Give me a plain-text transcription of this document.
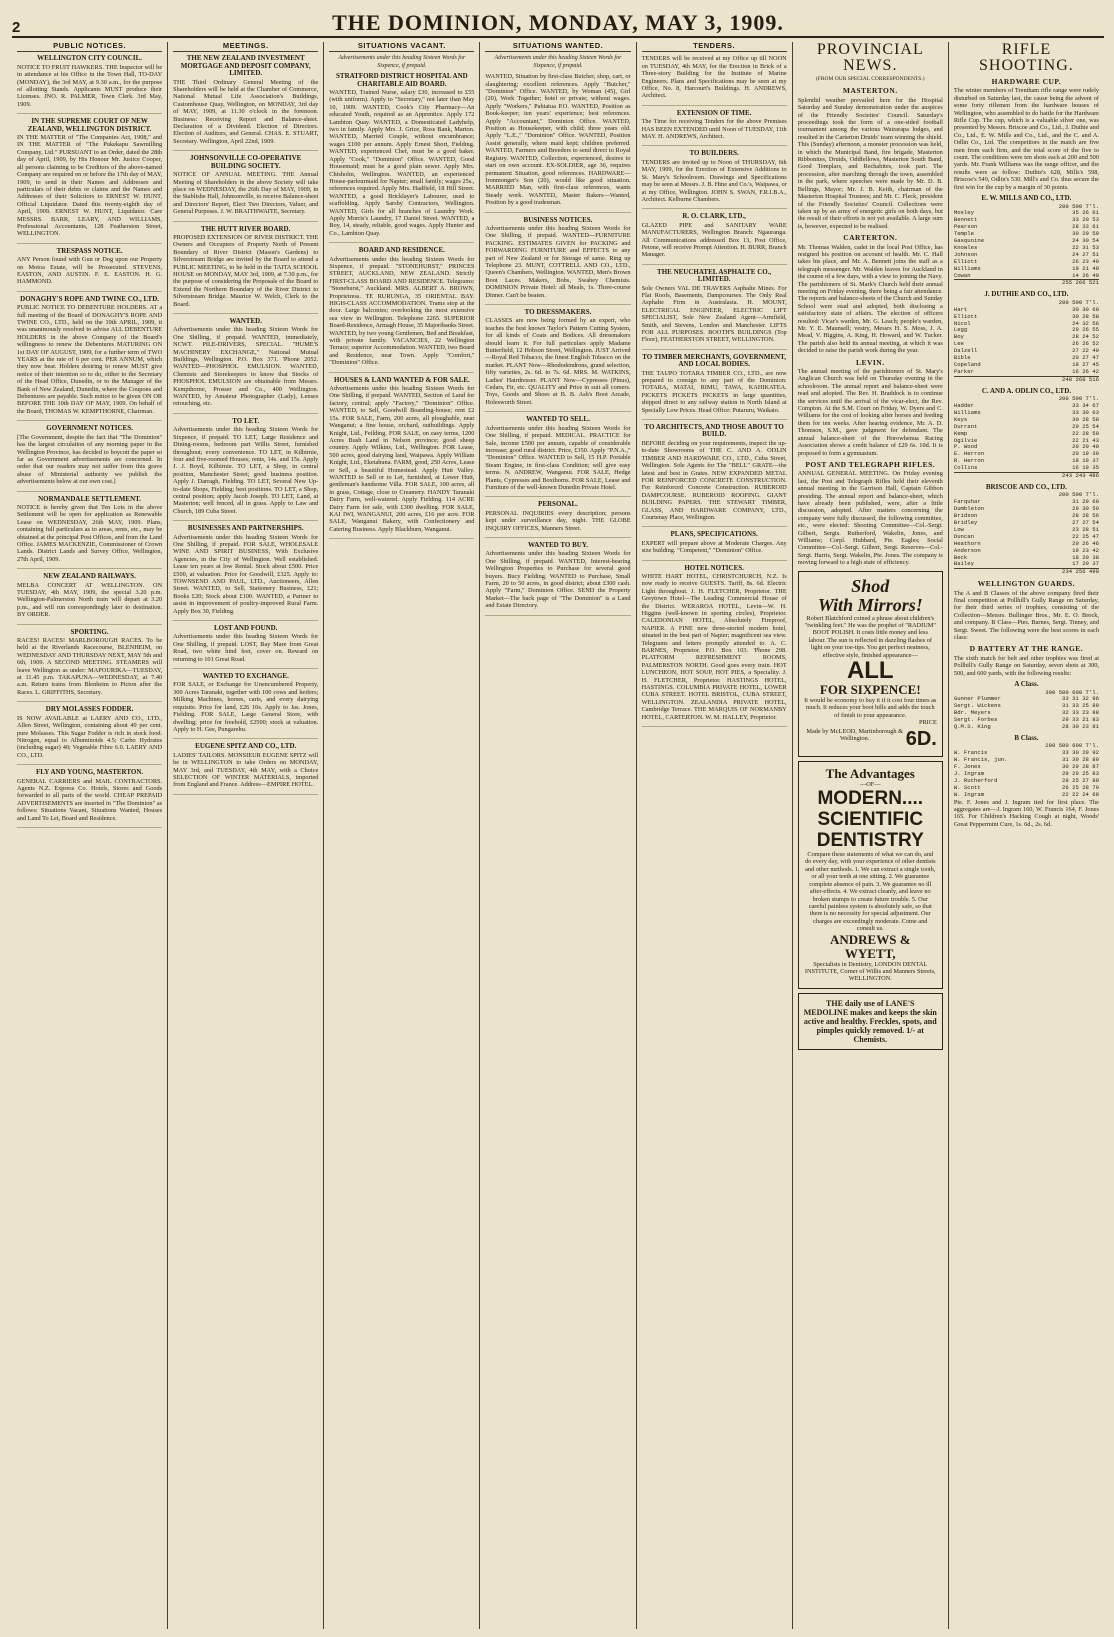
2	THE DOMINION, MONDAY, MAY 3, 1909.
PUBLIC NOTICES.
WELLINGTON CITY COUNCIL.

NOTICE TO FRUIT HAWKERS. THE Inspector will be in attendance at his Office in the Town Hall, TO-DAY (MONDAY), the 3rd MAY, at 9.30 a.m., for the purpose of allotting Stands. Applicants MUST produce their Licenses. JNO. R. PALMER, Town Clerk. 3rd May, 1909.

IN THE SUPREME COURT OF NEW ZEALAND, WELLINGTON DISTRICT.

IN THE MATTER of "The Companies Act, 1908," and IN THE MATTER of "The Pukekapu Sawmilling Company, Ltd." PURSUANT to an Order, dated the 28th day of April, 1909, by His Honour Mr. Justice Cooper, all persons claiming to be Creditors of the above-named Company are required on or before the 17th day of MAY, 1909, to send in their Names and Addresses and particulars of their debts or claims and the Names and Addresses of their Solicitors to ERNEST W. HUNT, Official Liquidator. Dated this twenty-eighth day of April, 1909. ERNEST W. HUNT, Liquidator. Care MESSRS. BARR, LEARY, AND WILLIAMS, Professional Accountants, 128 Featherston Street, WELLINGTON.

TRESPASS NOTICE.

ANY Person found with Gun or Dog upon our Property on Motoa Estate, will be Prosecuted. STEVENS, EASTON, AND AUSTIN. F. E. EASTON. H. G. HAMMOND.

DONAGHY'S ROPE AND TWINE CO., LTD.

PUBLIC NOTICE TO DEBENTURE HOLDERS. AT a full meeting of the Board of DONAGHY'S ROPE AND TWINE CO., LTD., held on the 19th APRIL, 1909, it was unanimously resolved to advise ALL DEBENTURE HOLDERS in the above Company of the Board's willingness to renew the Debentures MATURING ON 1st DAY OF AUGUST, 1909, for a further term of TWO YEARS at the rate of 6 per cent. PER ANNUM, which they now bear. Holders desiring to renew MUST give notice of their intention so to do, either to the Secretary of the Head Office, Dunedin, or to the Manager of the Bank of New Zealand, Dunedin, where the Coupons and Debentures are payable. Such notice to be given ON OR BEFORE THE 10th DAY OF MAY, 1909. On behalf of the Board, THOMAS W. KEMPTHORNE, Chairman.

GOVERNMENT NOTICES.

[The Government, despite the fact that "The Dominion" has the largest circulation of any morning paper in the Wellington Province, has decided to boycott the paper so far as Government advertisements are concerned. In order that our readers may not suffer from this grave abuse of Ministerial authority we publish the advertisements below at our own cost.]

NORMANDALE SETTLEMENT.

NOTICE is hereby given that Ten Lots in the above Settlement will be open for application as Renewable Lease on WEDNESDAY, 26th MAY, 1909. Plans, containing full particulars as to areas, rents, etc., may be obtained at the principal Post Offices, and from the Land Office. JAMES MACKENZIE, Commissioner of Crown Lands. District Lands and Survey Office, Wellington, 27th April, 1909.

NEW ZEALAND RAILWAYS.

MELBA CONCERT AT WELLINGTON. ON TUESDAY, 4th MAY, 1909, the special 3.20 p.m. Wellington-Palmerston North train will depart at 3.20 p.m., and will run correspondingly later to destination. BY ORDER.

SPORTING.

RACES! RACES! MARLBOROUGH RACES. To be held at the Riverlands Racecourse, BLENHEIM, on WEDNESDAY AND THURSDAY NEXT, MAY 5th and 6th, 1909. A SECOND MEETING. STEAMERS will leave Wellington as under: MAPOURIKA—TUESDAY, at 11.45 p.m. TAKAPUNA—WEDNESDAY, at 7.40 a.m. Return trains from Blenheim to Picton after the Races. L. GRIFFITHS, Secretary.

DRY MOLASSES FODDER.

IS NOW AVAILABLE at LAERY AND CO., LTD., Allen Street, Wellington, containing about 49 per cent. pure Molasses. This Sugar Fodder is rich in stock food. Nitrogen, equal to Albuminoids 4.5; Carbo Hydrates (including sugar) 40; Vegetable Fibre 6.0. LAERY AND CO., LTD.

FLY AND YOUNG, MASTERTON.

GENERAL CARRIERS and MAIL CONTRACTORS. Agents N.Z. Express Co. Hotels, Stores and Goods forwarded to all parts of the world. CHEAP PREPAID ADVERTISEMENTS are inserted in "The Dominion" as follows: Situations Vacant, Situations Wanted, Houses and Land To Let, Board and Residence.

MEETINGS.
THE NEW ZEALAND INVESTMENT MORTGAGE AND DEPOSIT COMPANY, LIMITED.

THE Third Ordinary General Meeting of the Shareholders will be held at the Chamber of Commerce, National Mutual Life Association's Buildings, Customhouse Quay, Wellington, on MONDAY, 3rd day of MAY, 1909, at 11.30 o'clock in the forenoon. Business: Receiving Report and Balance-sheet. Declaration of a Dividend. Election of Directors. Election of Auditors, and General. CHAS. E. STUART, Secretary. Wellington, April 22nd, 1909.

JOHNSONVILLE CO-OPERATIVE BUILDING SOCIETY.

NOTICE OF ANNUAL MEETING. THE Annual Meeting of Shareholders in the above Society will take place on WEDNESDAY, the 26th Day of MAY, 1909, in the Stablishe Hall, Johnsonville, to receive Balance-sheet and Directors' Report, Elect Two Directors, Valuer, and General Purposes. J. W. BRAITHWAITE, Secretary.

THE HUTT RIVER BOARD.

PROPOSED EXTENSION OF RIVER DISTRICT. THE Owners and Occupiers of Property North of Present Boundary of River District (Mason's Gardens) to Silverstream Bridge are invited by the Board to attend a PUBLIC MEETING, to be held in the TAITA SCHOOL HOUSE on MONDAY, MAY 3rd, 1909, at 7.30 p.m., for the purpose of considering the Proposals of the Board to Extend the Northern Boundary of the River District to Silverstream Bridge. Maurice W. Welch, Clerk to the Board.

WANTED.

Advertisements under this heading Sixteen Words for One Shilling, if prepaid. WANTED, immediately, NCWT. PILE-DRIVERS, SPECIAL. "HUME'S MACHINERY EXCHANGE," National Mutual Buildings, Wellington. P.O. Box 371. 'Phone 2052. WANTED—PHOSPHOL EMULSION. WANTED, Chemists and Storekeepers to know that Stocks of PHOSPHOL EMULSION are obtainable from Messrs. Kempthorne, Prosser and Co., 400 Wellington. WANTED, by Amateur Photographer (Lady), Lenses retouching, etc.

TO LET.

Advertisements under this heading Sixteen Words for Sixpence, if prepaid. TO LET, Large Residence and Dining-rooms, bedroom part Willis Street, furnished throughout; every convenience. TO LET, in Kilbirnie, four and five-roomed Houses; rents, 14s. and 15s. Apply J. J. Boyd, Kilbirnie. TO LET, a Shop, in central position, Manchester Street; good business position. Apply J. Darragh, Fielding. TO LET, Several New Up-to-date Shops, Fielding; best positions. TO LET, a Shop, central position; apply Jacob Joseph. TO LET, Land, at Masterton; well fenced, all in grass. Apply to Law and Church, 189 Cuba Street.

BUSINESSES AND PARTNERSHIPS.

Advertisements under this heading Sixteen Words for One Shilling, if prepaid. FOR SALE, WHOLESALE WINE AND SPIRIT BUSINESS, With Exclusive Agencies, in the City of Wellington. Well established. Lease ten years at low Rental. Stock about £500. Price £500, at valuation. Price for Goodwill, £325. Apply to: TOWNSEND AND PAUL, LTD., Auctioneers, Allen Street. WANTED, to Sell, Stationery Business, £21; Books £20; Stock about £100. WANTED, a Partner to assist in improvement of poultry-improved Rural Farm. Apply Box 30, Fielding.

LOST AND FOUND.

Advertisements under this heading Sixteen Words for One Shilling, if prepaid. LOST, Bay Mare from Great Road, two white hind feet, cover on. Reward on returning to 101 Great Road.

WANTED TO EXCHANGE.

FOR SALE, or Exchange for Unencumbered Property, 300 Acres Taranaki, together with 100 cows and heifers; Milking Machines, horses, carts, and every dairying requisite. Price for land, £26 10s. Apply to Jas. Jones, Fielding. FOR SALE, Large General Store, with dwelling; price for freehold, £2500; stock at valuation. Apply to H. Gee, Pungarehu.

EUGENE SPITZ AND CO., LTD.

LADIES' TAILORS. MONSIEUR EUGENE SPITZ will be in WELLINGTON to take Orders on MONDAY, MAY 3rd, and TUESDAY, 4th MAY, with a Choice SELECTION OF WINTER MATERIALS, imported from England and France. Address—EMPIRE HOTEL.

SITUATIONS VACANT.
Advertisements under this heading Sixteen Words for Sixpence, if prepaid.
STRATFORD DISTRICT HOSPITAL AND CHARITABLE AID BOARD.

WANTED, Trained Nurse, salary £30, increased to £55 (with uniform). Apply to "Secretary," not later than May 10, 1909. WANTED, Cook's City Pharmacy—An educated Youth, required as an Apprentice. Apply 172 Lambton Quay. WANTED, a Domesticated Ladyhelp, two in family. Apply Mrs. J. Grice, Ross Bank, Marton. WANTED, Married Couple, without encumbrance; wages £100 per annum. Apply Ernest Short, Fielding. WANTED, experienced Chef, must be a good baker. Apply "Cook," "Dominion" Office. WANTED, Good Housemaid; must be a good plain sewer. Apply Mrs. Chisholm, Wellington. WANTED, an experienced House-parlourmaid for Napier; small family; wages 25s., references required. Apply Mrs. Hadfield, 18 Hill Street. WANTED, a good Bricklayer's Labourer, used to scaffolding. Apply Sarsby Contractors, Wellington. WANTED, Girls for all branches of Laundry Work. Apply Morris's Laundry, 17 Daniel Street. WANTED, a Boy, 14, steady, reliable, good wages. Apply Hunter and Co., Lambton Quay.

BOARD AND RESIDENCE.

Advertisements under this heading Sixteen Words for Sixpence, if prepaid. "STONEHURST," PRINCES STREET, AUCKLAND, NEW ZEALAND. Strictly FIRST-CLASS BOARD AND RESIDENCE. Telegrams: "Stonehurst," Auckland. MRS. ALBERT A. BROWN, Proprietress. TE RURUNGA, 35 ORIENTAL BAY. HIGH-CLASS ACCOMMODATION. Trams stop at the door. Large balconies; overlooking the most extensive sea view in Wellington. Telephone 2265. SUPERIOR Board-Residence, Armagh House, 35 Majoribanks Street. WANTED, by two young Gentlemen, Bed and Breakfast, with private family. VACANCIES, 22 Wellington Terrace; superior Accommodation. WANTED, two Board and Residence, near Town. Apply "Comfort," "Dominion" Office.

HOUSES & LAND WANTED & FOR SALE.

Advertisements under this heading Sixteen Words for One Shilling, if prepaid. WANTED, Section of Land for factory, central; apply "Factory," "Dominion" Office. WANTED, to Sell, Goodwill Boarding-house; rent £2 15s. FOR SALE, Farm, 200 acres, all ploughable, near Wanganui; a fine house, orchard, outbuildings. Apply Knight, Ltd., Feilding. FOR SALE, on easy terms, 1200 Acres Bush Land in Nelson province; good sheep country. Apply Wilkins, Ltd., Wellington. FOR Lease, 500 acres, good dairying land, Waipawa. Apply William Knight, Ltd., Eketahuna. FARM, good, 250 Acres, Lease or Sell, a beautiful Homestead. Apply Hutt Valley. WANTED to Sell or to Let, furnished, at Lower Hutt, gentleman's handsome Villa. FOR SALE, 100 acres, all in grass, Cottage, close to Creamery. HANDY Taranaki Dairy Farm, well-watered. Apply Fielding. 114 ACRE Dairy Farm for sale, with £300 dwelling. FOR SALE, KAI IWI, WANGANUI, 200 acres, £16 per acre. FOR SALE, Wanganui Bakery, with Confectionery and Catering Business. Apply Blackburn, Wanganui.

SITUATIONS WANTED.
Advertisements under this heading Sixteen Words for Sixpence, if prepaid.

WANTED, Situation by first-class Butcher, shop, cart, or slaughtering; excellent references. Apply "Butcher," "Dominion" Office. WANTED, by Woman (45), Girl (20), Work Together; hotel or private; without wages. Apply "Workers," Pahiatua P.O. WANTED, Position as Book-keeper; ten years' experience; best references. Apply "Accountant," Dominion Office. WANTED, Position as Housekeeper, with child; three years old. Apply "L.E.," "Dominion" Office. WANTED, Position Assist generally, where maid kept; children preferred. WANTED, Farmers and Breeders to send direct to Royal Registry. WANTED, Collection, experienced, desires to start on own account. EX-SOLDIER, age 36, requires permanent Situation, good references. HARDWARE—Ironmonger's Son (20), would like good situation. MARRIED Man, with first-class references, wants Steady work. WANTED, Master Bakers—Wanted, Position by a good tradesman.

BUSINESS NOTICES.

Advertisements under this heading Sixteen Words for One Shilling, if prepaid. WANTED—FURNITURE PACKING. ESTIMATES GIVEN for PACKING and FORWARDING FURNITURE and EFFECTS to any part of New Zealand or for Storage of same. Ring up Telephone 23. MUNT, COTTRELL AND CO., LTD., Queen's Chambers, Wellington. WANTED, Men's Brown Boot Laces. Makers, Bobs, Swabey Chemists. DOMINION Private Hotel: all Meals, 1s. Three-course Dinner. Can't be beaten.

TO DRESSMAKERS.

CLASSES are now being formed by an expert, who teaches the best known Taylor's Pattern Cutting System, for all kinds of Coats and Bodices. All dressmakers should learn it. For full particulars apply Madame Butterfield, 12 Hobson Street, Wellington. JUST Arrived—Royal Red Tobacco, the finest English Tobacco on the market. PLANT Now—Rhododendrons, grand selection, fifty varieties, 2s. 6d. to 7s. 6d. MRS. M. WATKINS, Ladies' Hairdresser. PLANT Now—Cypresses (Pinus), Cedars, Fir, etc. QUALITY and Price in suit all comers. Toys, Goods and Shoes at B. B. Ash's Boot Arcade, Holesworth Street.

WANTED TO SELL.

Advertisements under this heading Sixteen Words for One Shilling, if prepaid. MEDICAL. PRACTICE for Sale, income £500 per annum, capable of considerable increase; good rural district. Price, £350. Apply "P.N.A.," "Dominion" Office. WANTED to Sell, 15 H.P. Portable Steam Engine, in first-class Condition; will give easy terms. N. ANDREW, Wanganui. FOR SALE, Hedge Plants, Cypresses and Boxthorns. FOR SALE, Lease and Furniture of the well-known Dunedin Private Hotel.

PERSONAL.

PERSONAL INQUIRIES every description; persons kept under surveillance day, night. THE GLOBE INQUIRY OFFICES, Manners Street.

WANTED TO BUY.

Advertisements under this heading Sixteen Words for One Shilling, if prepaid. WANTED, Interest-bearing Wellington Properties to Purchase for several good buyers. Bucy Fielding. WANTED to Purchase, Small Farm, 20 to 50 acres, in good district; about £300 cash. Apply "Farm," Dominion Office. SEND the Property Market—The back page of "The Dominion" is a Land and Estate Directory.

TENDERS.

TENDERS will be received at my Office up till NOON on TUESDAY, 4th MAY, for the Erection in Brick of a Three-story Building for the Institute of Marine Engineers. Plans and Specifications may be seen at my Office, No. 8, Harcourt's Buildings. H. ANDREWS, Architect.

EXTENSION OF TIME.

The Time for receiving Tenders for the above Premises HAS BEEN EXTENDED until Noon of TUESDAY, 11th MAY. H. ANDREWS, Architect.

TO BUILDERS.

TENDERS are invited up to Noon of THURSDAY, 6th MAY, 1909, for the Erection of Extensive Additions to St. Mary's Schoolroom. Drawings and Specifications may be seen at Messrs. J. B. Hine and Co.'s, Waipawa, or at my Office, Wellington. JOHN S. SWAN, F.R.I.B.A., Architect. Kelburne Chambers.

R. O. CLARK, LTD.,

GLAZED PIPE and SANITARY WARE MANUFACTURERS, Wellington Branch: Ngauranga. All Communications addressed Box 13, Post Office, Petone, will receive Prompt Attention. H. BURR, Branch Manager.

THE NEUCHATEL ASPHALTE CO., LIMITED.

Sole Owners VAL DE TRAVERS Asphalte Mines. For Flat Roofs, Basements, Dampcourses. The Only Real Asphalte Firm in Australasia. H. MOUNT, ELECTRICAL ENGINEER, ELECTRIC LIFT SPECIALIST, Sole New Zealand Agent—Armfield, Smith, and Stevens, London and Manchester. LIFTS FOR ALL PURPOSES. BOOTH'S BUILDINGS (Top Floor), FEATHERSTON STREET, WELLINGTON.

TO TIMBER MERCHANTS, GOVERNMENT, AND LOCAL BODIES.

THE TAUPO TOTARA TIMBER CO., LTD., are now prepared to consign to any part of the Dominion: TOTARA, MATAI, RIMU, TAWA, KAHIKATEA. PICKETS PICKETS PICKETS in large quantities, shipped direct to any railway station in North Island at Specially Low Prices. Head Office: Putaruru, Waikato.

TO ARCHITECTS, AND THOSE ABOUT TO BUILD.

BEFORE deciding on your requirements, inspect the up-to-date Showrooms of THE C. AND A. ODLIN TIMBER AND HARDWARE CO., LTD., Cuba Street, Wellington. Sole Agents for The "BELL" GRATE—the latest and best in Grates. NEW EXPANDED METAL FOR REINFORCED CONCRETE CONSTRUCTION. For Reinforced Concrete Construction. RUBEROID DAMPCOURSE. RUBEROID ROOFING. GIANT BUILDING PAPERS. THE STEWART TIMBER, GLASS, AND HARDWARE COMPANY, LTD., Courtenay Place, Wellington.

PLANS, SPECIFICATIONS.

EXPERT will prepare above at Moderate Charges. Any size building. "Competent," "Dominion" Office.

HOTEL NOTICES.

WHITE HART HOTEL, CHRISTCHURCH, N.Z. Is now ready to receive GUESTS. Tariff, 8s. 6d. Electric Light throughout. J. H. FLETCHER, Proprietor. THE Greytown Hotel—The Leading Commercial House of the District. WERAROA HOTEL, Levin—W. H. Higgins (well-known in sporting circles), Proprietor. CALEDONIAN HOTEL, Absolutely Fireproof, NAPIER. A FINE new three-storied modern hotel, situated in the best part of Napier; magnificent sea view. Telegrams and letters promptly attended to. A. C. BARNES, Proprietor. P.O. Box 103. 'Phone 298. PLATFORM REFRESHMENT ROOMS, PALMERSTON NORTH. Good goes every train. HOT LUNCHEON, HOT SOUP, HOT PIES, a Speciality. J. H. FLETCHER, Proprietor. HASTINGS HOTEL, HASTINGS. COLUMBIA PRIVATE HOTEL, LOWER CUBA STREET. HOTEL BRISTOL, CUBA STREET, WELLINGTON. ZEALANDIA PRIVATE HOTEL, Cambridge Terrace. THE MARQUIS OF NORMANBY HOTEL, CARTERTON. W. M. HALLEY, Proprietor.

PROVINCIAL NEWS.
(FROM OUR SPECIAL CORRESPONDENTS.)
MASTERTON.

Splendid weather prevailed here for the Hospital Saturday and Sunday demonstration under the auspices of the Friendly Societies' Council. Saturday's proceedings took the form of a one-sided football tournament among the various Wairarapa lodges, and resulted in the Carterton Druids' team winning the shield. This (Sunday) afternoon, a monster procession was held, in which the Municipal Band, fire brigade, Masterton Ribbonites, Druids, Oddfellows, Masterton South Band, Good Templars, and Rechabites, took part. The procession, after marching through the town, assembled in the park, where speeches were made by Mr. D. B. Bellings, Mayor; Mr. J. B. Keith, chairman of the Masterton Hospital Trustees; and Mr. C. Fleck, president of the Friendly Societies' Council. Collections were taken up by an army of energetic girls on both days, but the result of their efforts is not yet available. A large sum is, however, expected to be realised.

CARTERTON.

Mr. Thomas Walden, cadet in the local Post Office, has resigned his position on account of health. Mr. C. Hall takes his place, and Mr. A. Bennett joins the staff as a telegraph messenger. Mr. Walden leaves for Auckland in the course of a few days, with a view to joining the Navy. The parishioners of St. Mark's Church held their annual meeting on Friday evening, there being a fair attendance. The reports and balance-sheets of the Church and Sunday School were read and adopted, both disclosing a satisfactory state of affairs. The election of officers resulted: Vicar's warden, Mr. G. Leach; people's warden, Mr. Y. E. Maunsell; vestry, Messrs H. S. Moss, J. A. Mead, V. Higgins, A. King, H. Howard, and W. Tucker. The parish also held its annual meeting, at which it was decided to raise the parish work during the year.

LEVIN.

The annual meeting of the parishioners of St. Mary's Anglican Church was held on Thursday evening in the schoolroom. The annual report and balance-sheet were read and adopted. The Rev. H. Braddock is to continue the services until the arrival of the vicar-elect, the Rev. Compton. At the S.M. Court on Friday, W. Dyers and C. Williams for the cost of looking after horses and feeding them for ten weeks. After hearing evidence, Mr. A. D. Thomson, S.M., gave judgment for defendant. The annual balance-sheet of the Horowhenua Racing Association shows a credit balance of £29 6s. 10d. It is proposed to form a gymnasium.

POST AND TELEGRAPH RIFLES.

ANNUAL GENERAL MEETING. On Friday evening last, the Post and Telegraph Rifles held their eleventh annual meeting in the Garrison Hall, Captain Gibbon presiding. The annual report and balance-sheet, which have already been published, were, after a little discussion, adopted. After matters concerning the company were fully discussed, the following committee, etc., were elected: Shooting Committee—Col.-Sergt. Gilbert, Sergts. Rutherford, Wakelin, Jones, and Williams; Corpl. Hubbard, Pte. Eagles; Social Committee—Col.-Sergt. Gilbert, Sergt. Reserves—Col.-Sergt. Harris, Sergt. Wakelin, Pte. Jones. The company is moving forward to a high state of efficiency.

Shod
With Mirrors!

Robert Blatchford coined a phrase about children's "twinkling feet." He was the prophet of "RADIUM" BOOT POLISH. It costs little money and less labour. The sun is reflected in dazzling flashes of light on your toe-tips. You get perfect neatness, effective style, finished appearance—

ALL
FOR SIXPENCE!

It would be economy to buy it if it cost four times as much. It reduces your boot bills and adds the touch of finish to your appearance.

Made by McLEOD, Martinborough & Wellington.
PRICE
6D.
The Advantages
—OF—
MODERN....
SCIENTIFIC
DENTISTRY

Compare these statements of what we can do, and do every day, with your experience of other dentists and other methods. 1. We can extract a single tooth, or all your teeth at one sitting. 2. We guarantee complete absence of pain. 3. We guarantee no ill after-effects. 4. We extract cleanly, and leave no broken stumps to create future trouble. 5. Our careful painless system is absolutely safe, so that there is no necessity for special adjustment. Our charges are exceedingly moderate. Come and consult us.

ANDREWS & WYETT,

Specialists in Dentistry, LONDON DENTAL INSTITUTE, Corner of Willis and Manners Streets, WELLINGTON.

THE daily use of LANE'S MEDOLINE makes and keeps the skin active and healthy. Freckles, spots, and pimples quickly removed. 1/- at Chemists.

RIFLE SHOOTING.
HARDWARE CUP.

The winter members of Trentham rifle range were rudely disturbed on Saturday last, the cause being the advent of some forty riflemen from the hardware houses of Wellington, who assembled to do battle for the Hardware Rifle Cup. The cup, which is a valuable silver one, was presented by Messrs. Briscoe and Co., Ltd., J. Duthie and Co., Ltd., E. W. Mills and Co., Ltd., and the C. and A. Odlin Co., Ltd. The competitors in the match are five men from each firm, and the total score of the five to count. The conditions were ten shots each at 200 and 500 yards. Mr. Frank Williams was the range officer, and the results were as follow: Duthie's 628, Mills's 598, Briscoe's 549, Odlin's 530. Mill's and Co. thus secure the first win for the cup by a margin of 30 points.

E. W. MILLS AND CO., LTD.
200 500 T'l.
Mosley	35 26 61
Bennett	33 20 53
Pearson	28 33 61
Temple	30 29 59
Gasquoine	24 30 54
Knowles	22 31 53
Johnson	24 27 51
Elliott	26 23 49
Williams	19 21 40
Cowan	14 26 40
255 266 521
J. DUTHIE AND CO., LTD.
200 500 T'l.
Hart	30 30 60
Elliott	30 28 58
Nicol	24 32 56
Legg	29 26 55
Boy	28 24 52
Lee	26 26 52
Dalzell	27 22 49
Bible	20 27 47
Copeland	18 27 45
Parker	16 26 42
248 268 516
C. AND A. ODLIN CO., LTD.
200 500 T'l.
Hadder	33 34 67
Williams	33 30 63
Keys	30 28 58
Durrant	29 25 54
Kemp	22 28 50
Ogilvie	22 21 43
P. Wood	20 20 40
E. Herron	20 19 39
R. Herron	18 19 37
Collins	16 19 35
243 243 486
BRISCOE AND CO., LTD.
200 500 T'l.
Farquhar	31 29 60
Dumbleton	29 30 59
Bridson	28 28 56
Bridley	27 27 54
Low	23 28 51
Duncan	22 25 47
Heathorn	20 26 46
Anderson	19 23 42
Beck	18 20 38
Bailey	17 20 37
234 256 490
WELLINGTON GUARDS.

The A and B Classes of the above company fired their final competition at Pollhill's Gully Range on Saturday, for their third series of trophies, consisting of the Collection—Messrs. Bullinger Bros., Mr. E. O. Brock, and company. B Class—Ptes. Barnes, Sergt. Tinney, and Sergt. Sweet. The following were the best scores in each class:

D BATTERY AT THE RANGE.

The sixth match for belt and other trophies was fired at Pollhill's Gully Range on Saturday, seven shots at 300, 500, and 600 yards, with the following results:

A Class.
300 500 600 T'l.
Gunner Plummer	33 31 32 96
Sergt. Wickens	31 33 25 89
Bdr. Meyers	32 33 23 88
Sergt. Forbes	29 33 21 83
Q.M.S. King	28 30 23 81
B Class.
200 500 600 T'l.
W. Francis	33 30 29 92
W. Francis, jun.	31 30 28 89
F. Jones	30 29 28 87
J. Ingram	29 29 25 83
J. Rutherford	28 25 27 80
W. Scott	26 25 28 79
W. Ingram	22 22 24 68

Pte. F. Jones and J. Ingram tied for first place. The aggregates are—J. Ingram 160, W. Francis 164, F. Jones 165. For Children's Hacking Cough at night, Woods' Great Peppermint Cure, 1s. 6d., 2s. 6d.
